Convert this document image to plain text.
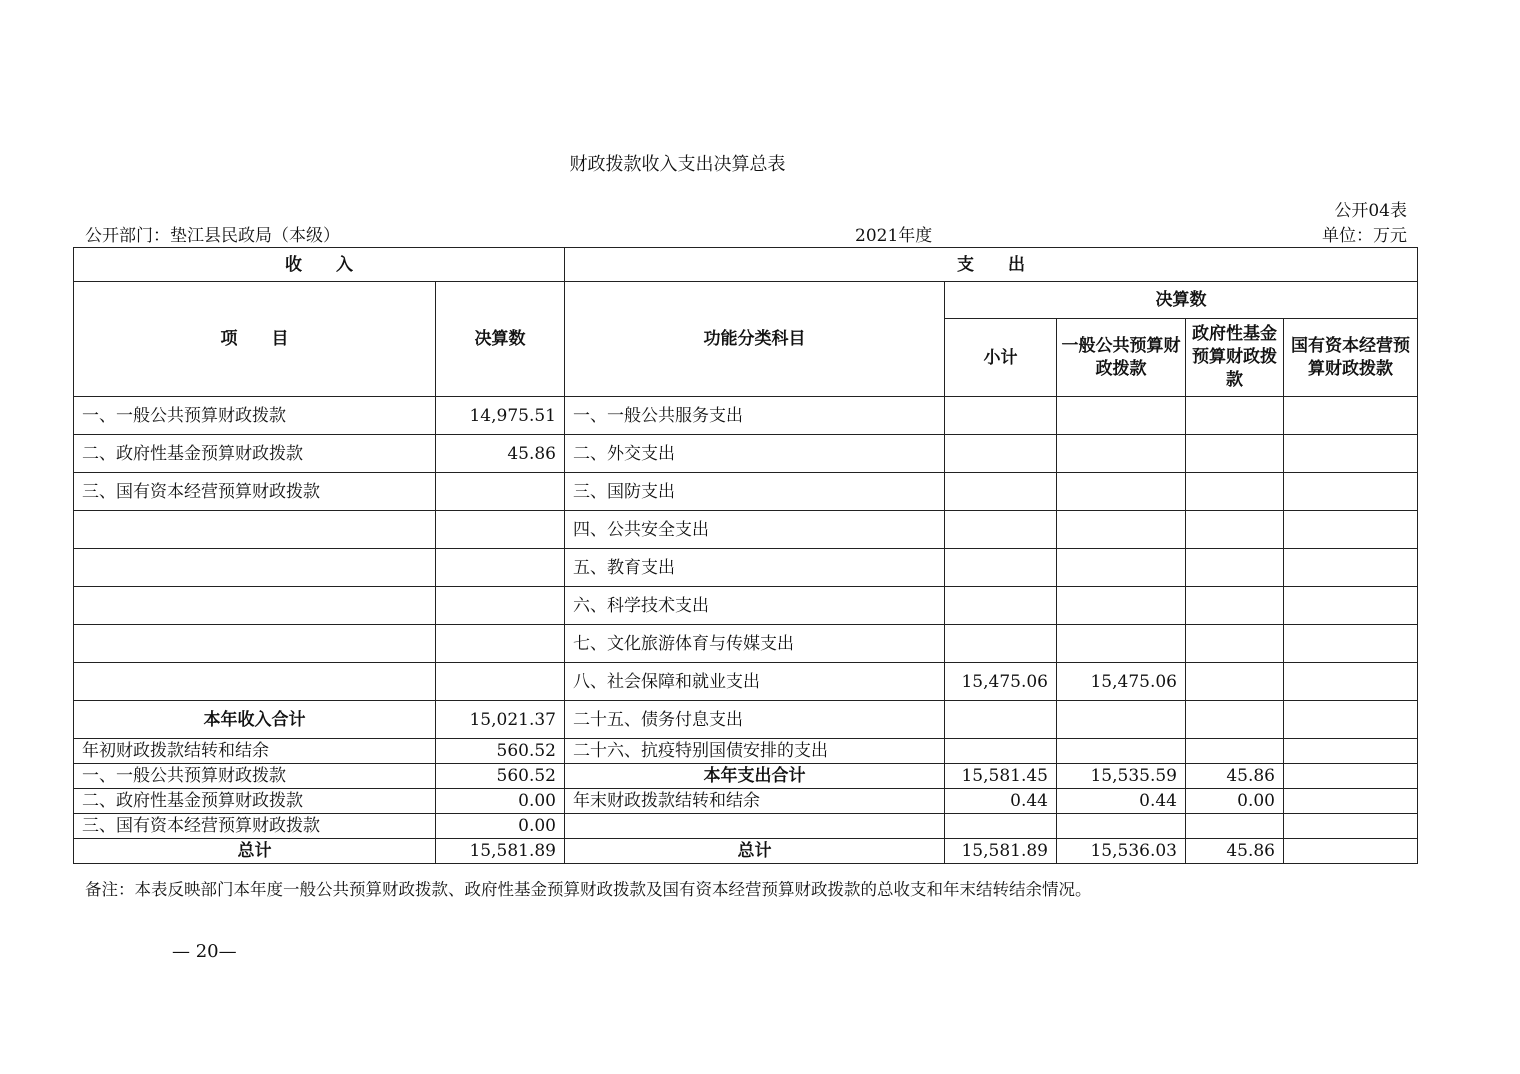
财政拨款收入支出决算总表
公开04表
公开部门：垫江县民政局（本级）	2021年度	单位：万元
收　　入		支　　出				
项　　目	决算数	功能分类科目	决算数			
			小计	一般公共预算财政拨款	政府性基金预算财政拨款	国有资本经营预算财政拨款
一、一般公共预算财政拨款	14,975.51	一、一般公共服务支出				
二、政府性基金预算财政拨款	45.86	二、外交支出				
三、国有资本经营预算财政拨款		三、国防支出				
		四、公共安全支出				
		五、教育支出				
		六、科学技术支出				
		七、文化旅游体育与传媒支出				
		八、社会保障和就业支出	15,475.06	15,475.06		
本年收入合计	15,021.37	二十五、债务付息支出				
年初财政拨款结转和结余	560.52	二十六、抗疫特别国债安排的支出				
一、一般公共预算财政拨款	560.52	本年支出合计	15,581.45	15,535.59	45.86	
二、政府性基金预算财政拨款	0.00	年末财政拨款结转和结余	0.44	0.44	0.00	
三、国有资本经营预算财政拨款	0.00					
总计	15,581.89	总计	15,581.89	15,536.03	45.86	
备注：本表反映部门本年度一般公共预算财政拨款、政府性基金预算财政拨款及国有资本经营预算财政拨款的总收支和年末结转结余情况。
— 20—
